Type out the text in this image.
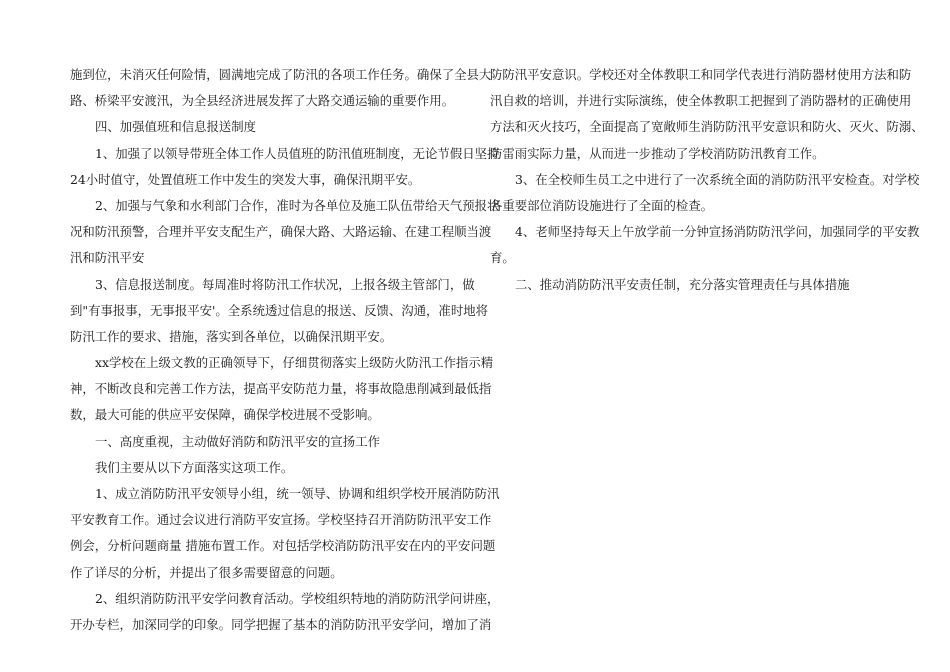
施到位，未消灭任何险情，圆满地完成了防汛的各项工作任务。确保了全县大
路、桥梁平安渡汛，为全县经济进展发挥了大路交通运输的重要作用。
四、加强值班和信息报送制度
1、加强了以领导带班全体工作人员值班的防汛值班制度，无论节假日坚持
24小时值守，处置值班工作中发生的突发大事，确保汛期平安。
2、加强与气象和水利部门合作，准时为各单位及施工队伍带给天气预报状
况和防汛预警，合理并平安支配生产，确保大路、大路运输、在建工程顺当渡
汛和防汛平安
3、信息报送制度。每周准时将防汛工作状况，上报各级主管部门，做
到"有事报事，无事报平安'。全系统透过信息的报送、反馈、沟通，准时地将
防汛工作的要求、措施，落实到各单位，以确保汛期平安。
xx学校在上级文教的正确领导下，仔细贯彻落实上级防火防汛工作指示精
神，不断改良和完善工作方法，提高平安防范力量，将事故隐患削减到最低指
数，最大可能的供应平安保障，确保学校进展不受影响。
一、高度重视，主动做好消防和防汛平安的宣扬工作
我们主要从以下方面落实这项工作。
1、成立消防防汛平安领导小组，统一领导、协调和组织学校开展消防防汛
平安教育工作。通过会议进行消防平安宣扬。学校坚持召开消防防汛平安工作
例会，分析问题商量 措施布置工作。对包括学校消防防汛平安在内的平安问题
作了详尽的分析，并提出了很多需要留意的问题。
2、组织消防防汛平安学问教育活动。学校组织特地的消防防汛学问讲座，
开办专栏，加深同学的印象。同学把握了基本的消防防汛平安学问，增加了消
防防汛平安意识。学校还对全体教职工和同学代表进行消防器材使用方法和防
汛自救的培训，并进行实际演练，使全体教职工把握到了消防器材的正确使用
方法和灭火技巧，全面提高了宽敞师生消防防汛平安意识和防火、灭火、防溺、
防雷雨实际力量，从而进一步推动了学校消防防汛教育工作。
3、在全校师生员工之中进行了一次系统全面的消防防汛平安检查。对学校
各重要部位消防设施进行了全面的检查。
4、老师坚持每天上午放学前一分钟宣扬消防防汛学问，加强同学的平安教
育。
二、推动消防防汛平安责任制，充分落实管理责任与具体措施
